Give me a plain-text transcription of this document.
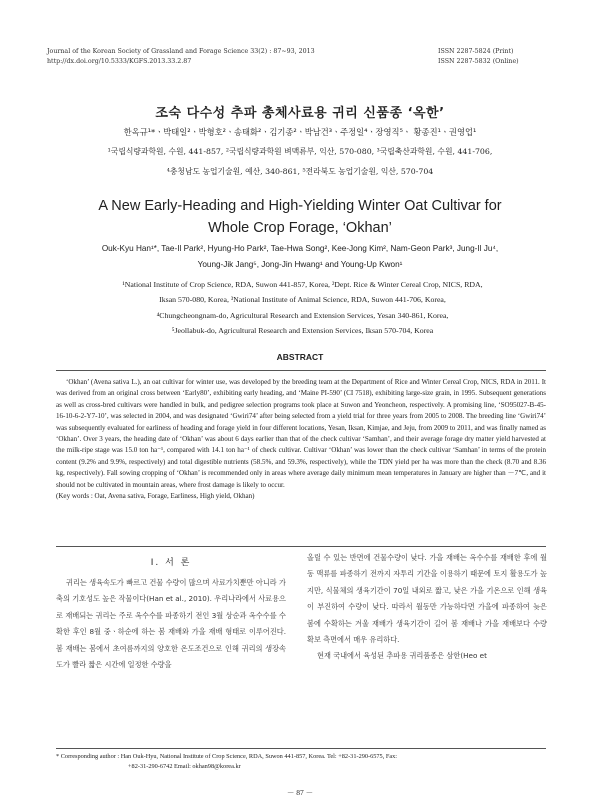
Journal of the Korean Society of Grassland and Forage Science 33(2) : 87~93, 2013
http://dx.doi.org/10.5333/KGFS.2013.33.2.87
ISSN 2287-5824 (Print)
ISSN 2287-5832 (Online)
조숙 다수성 추파 총체사료용 귀리 신품종 ‘옥한’
한옥규¹*ㆍ박태일²ㆍ박형호²ㆍ송태화²ㆍ김기종²ㆍ박남건³ㆍ주정일⁴ㆍ장영직⁵ㆍ 황종진¹ㆍ권영업¹
¹국립식량과학원, 수원, 441-857, ²국립식량과학원 벼맥류부, 익산, 570-080, ³국립축산과학원, 수원, 441-706,
⁴충청남도 농업기술원, 예산, 340-861, ⁵전라북도 농업기술원, 익산, 570-704
A New Early-Heading and High-Yielding Winter Oat Cultivar for
Whole Crop Forage, ‘Okhan’
Ouk-Kyu Han¹*, Tae-Il Park², Hyung-Ho Park², Tae-Hwa Song², Kee-Jong Kim², Nam-Geon Park³, Jung-Il Ju⁴,
Young-Jik Jang⁵, Jong-Jin Hwang¹ and Young-Up Kwon¹
¹National Institute of Crop Science, RDA, Suwon 441-857, Korea, ²Dept. Rice & Winter Cereal Crop, NICS, RDA,
Iksan 570-080, Korea, ³National Institute of Animal Science, RDA, Suwon 441-706, Korea,
⁴Chungcheongnam-do, Agricultural Research and Extension Services, Yesan 340-861, Korea,
⁵Jeollabuk-do, Agricultural Research and Extension Services, Iksan 570-704, Korea
ABSTRACT

‘Okhan’ (Avena sativa L.), an oat cultivar for winter use, was developed by the breeding team at the Department of Rice and Winter Cereal Crop, NICS, RDA in 2011. It was derived from an original cross between ‘Early80’, exhibiting early heading, and ‘Maine PI-590’ (CI 7518), exhibiting large-size grain, in 1995. Subsequent generations as well as cross-bred cultivars were handled in bulk, and pedigree selection programs took place at Suwon and Yeoncheon, respectively. A promising line, ‘SO95027-B-45-16-10-6-2-Y7-10’, was selected in 2004, and was designated ‘Gwiri74’ after being selected from a yield trial for three years from 2005 to 2008. The breeding line ‘Gwiri74’ was subsequently evaluated for earliness of heading and forage yield in four different locations, Yesan, Iksan, Kimjae, and Jeju, from 2009 to 2011, and was finally named as ‘Okhan’. Over 3 years, the heading date of ‘Okhan’ was about 6 days earlier than that of the check cultivar ‘Samhan’, and their average forage dry matter yield harvested at the milk-ripe stage was 15.0 ton ha⁻¹, compared with 14.1 ton ha⁻¹ of check cultivar. Cultivar ‘Okhan’ was lower than the check cultivar ‘Samhan’ in terms of the protein content (9.2% and 9.9%, respectively) and total digestible nutrients (58.5%, and 59.3%, respectively), while the TDN yield per ha was more than the check (8.70 and 8.36 kg, respectively). Fall sowing cropping of ‘Okhan’ is recommended only in areas where average daily minimum mean temperatures in January are higher than －7℃, and it should not be cultivated in mountain areas, where frost damage is likely to occur.

(Key words : Oat, Avena sativa, Forage, Earliness, High yield, Okhan)
Ⅰ. 서 론

귀리는 생육속도가 빠르고 건물 수량이 많으며 사료가치뿐만 아니라 가축의 기호성도 높은 작물이다(Han et al., 2010). 우리나라에서 사료용으로 재배되는 귀리는 주로 옥수수를 파종하기 전인 3월 상순과 옥수수를 수확한 후인 8월 중ㆍ하순에 하는 봄 재배와 가을 재배 형태로 이루어진다. 봄 재배는 봄에서 초여름까지의 양호한 온도조건으로 인해 귀리의 생장속도가 빨라 짧은 시간에 일정한 수량을

올릴 수 있는 반면에 건물수량이 낮다. 가을 재배는 옥수수를 재배한 후에 월동 맥류를 파종하기 전까지 자투리 기간을 이용하기 때문에 토지 활용도가 높지만, 식물체의 생육기간이 70일 내외로 짧고, 낮은 가을 기온으로 인해 생육이 부진하여 수량이 낮다. 따라서 월동만 가능하다면 가을에 파종하여 늦은 봄에 수확하는 겨울 재배가 생육기간이 길어 봄 재배나 가을 재배보다 수량 확보 측면에서 매우 유리하다.

현재 국내에서 육성된 추파용 귀리품종은 삼한(Heo et

* Corresponding author : Han Ouk-Hyu, National Institute of Crop Science, RDA, Suwon 441-857, Korea. Tel: +82-31-290-6575, Fax:
+82-31-290-6742 Email: okhan98@korea.kr
－ 87 －
